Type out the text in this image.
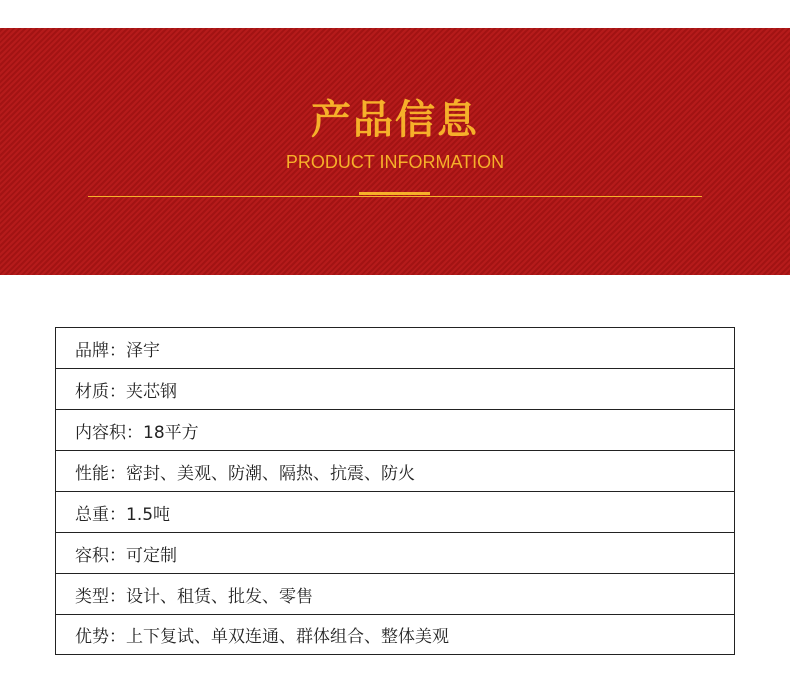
产品信息
PRODUCT INFORMATION
品牌：泽宇
材质：夹芯钢
内容积：18平方
性能：密封、美观、防潮、隔热、抗震、防火
总重：1.5吨
容积：可定制
类型：设计、租赁、批发、零售
优势：上下复试、单双连通、群体组合、整体美观
